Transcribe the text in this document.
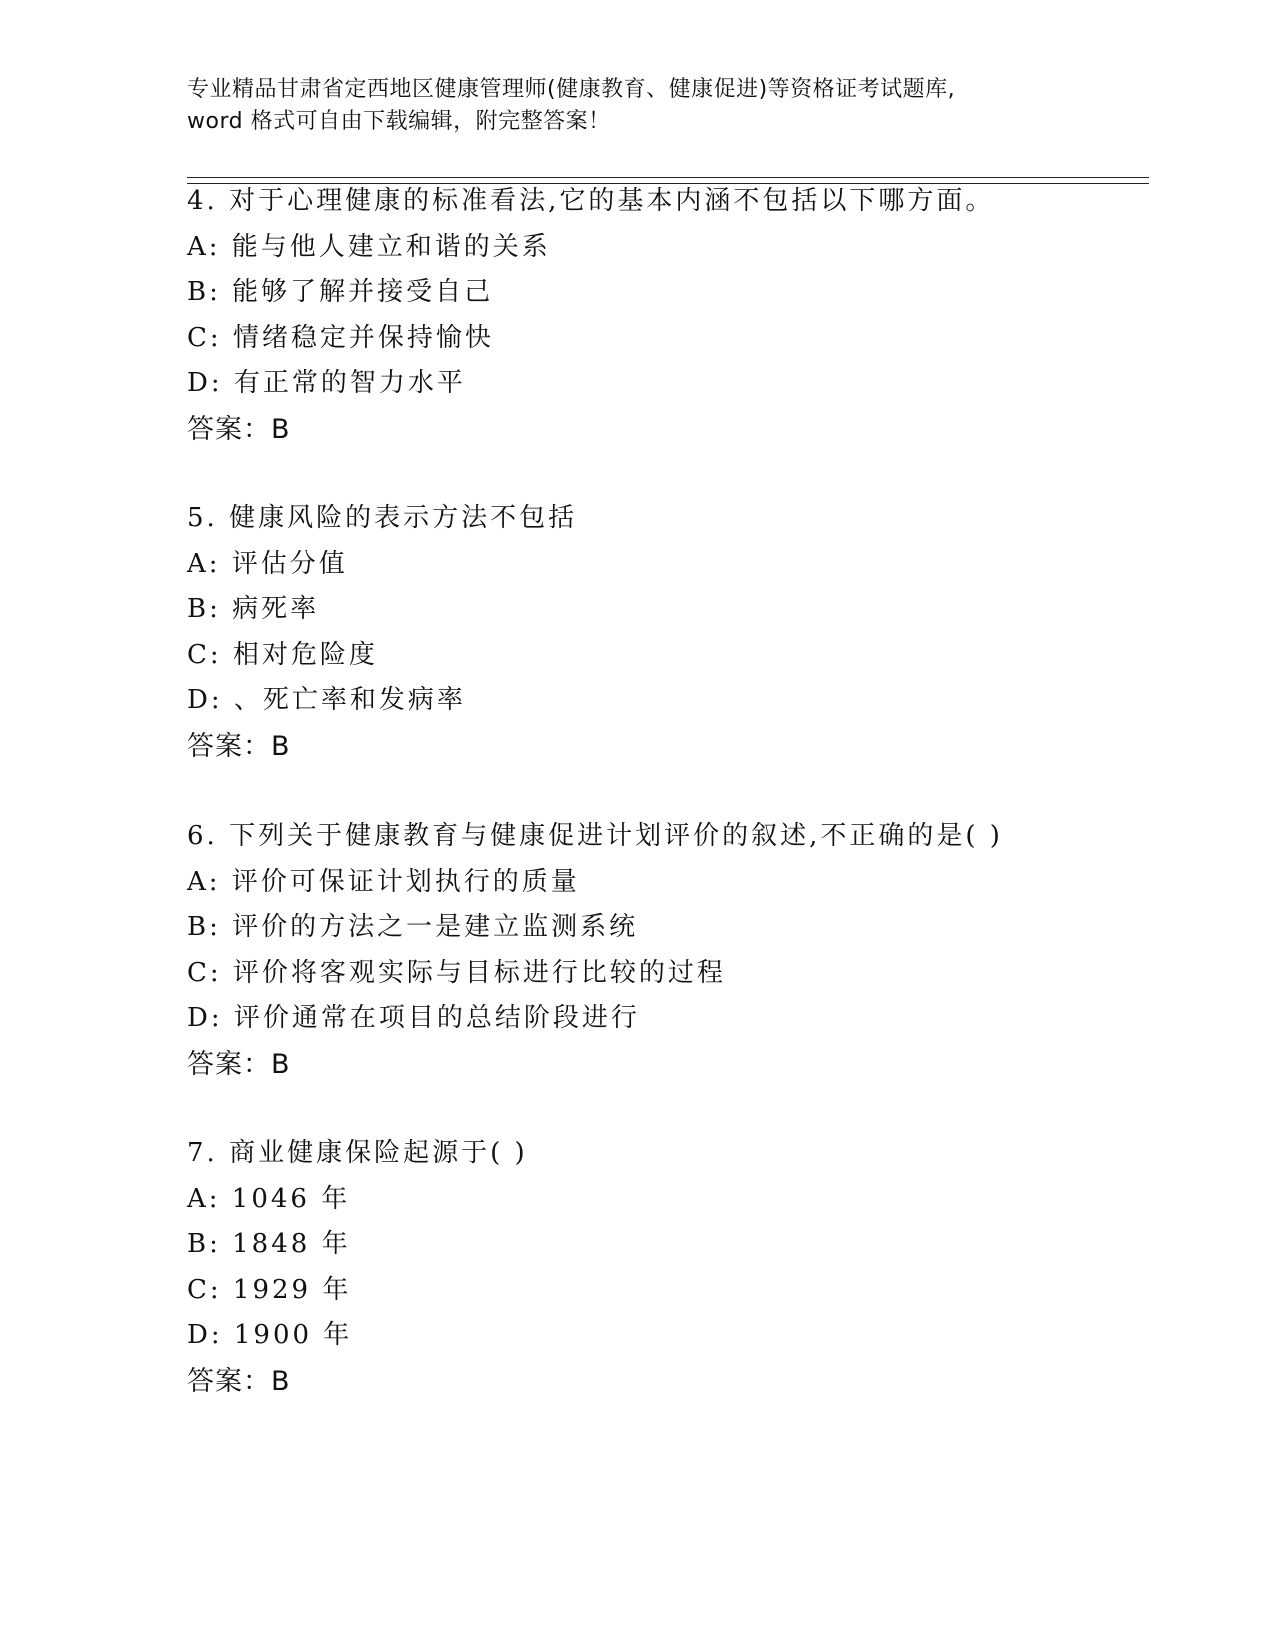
专业精品甘肃省定西地区健康管理师(健康教育、健康促进)等资格证考试题库,
word 格式可自由下载编辑，附完整答案！
4. 对于心理健康的标准看法,它的基本内涵不包括以下哪方面。
A: 能与他人建立和谐的关系
B: 能够了解并接受自己
C: 情绪稳定并保持愉快
D: 有正常的智力水平
答案：B
5. 健康风险的表示方法不包括
A: 评估分值
B: 病死率
C: 相对危险度
D: 、死亡率和发病率
答案：B
6. 下列关于健康教育与健康促进计划评价的叙述,不正确的是( )
A: 评价可保证计划执行的质量
B: 评价的方法之一是建立监测系统
C: 评价将客观实际与目标进行比较的过程
D: 评价通常在项目的总结阶段进行
答案：B
7. 商业健康保险起源于( )
A: 1046 年
B: 1848 年
C: 1929 年
D: 1900 年
答案：B
